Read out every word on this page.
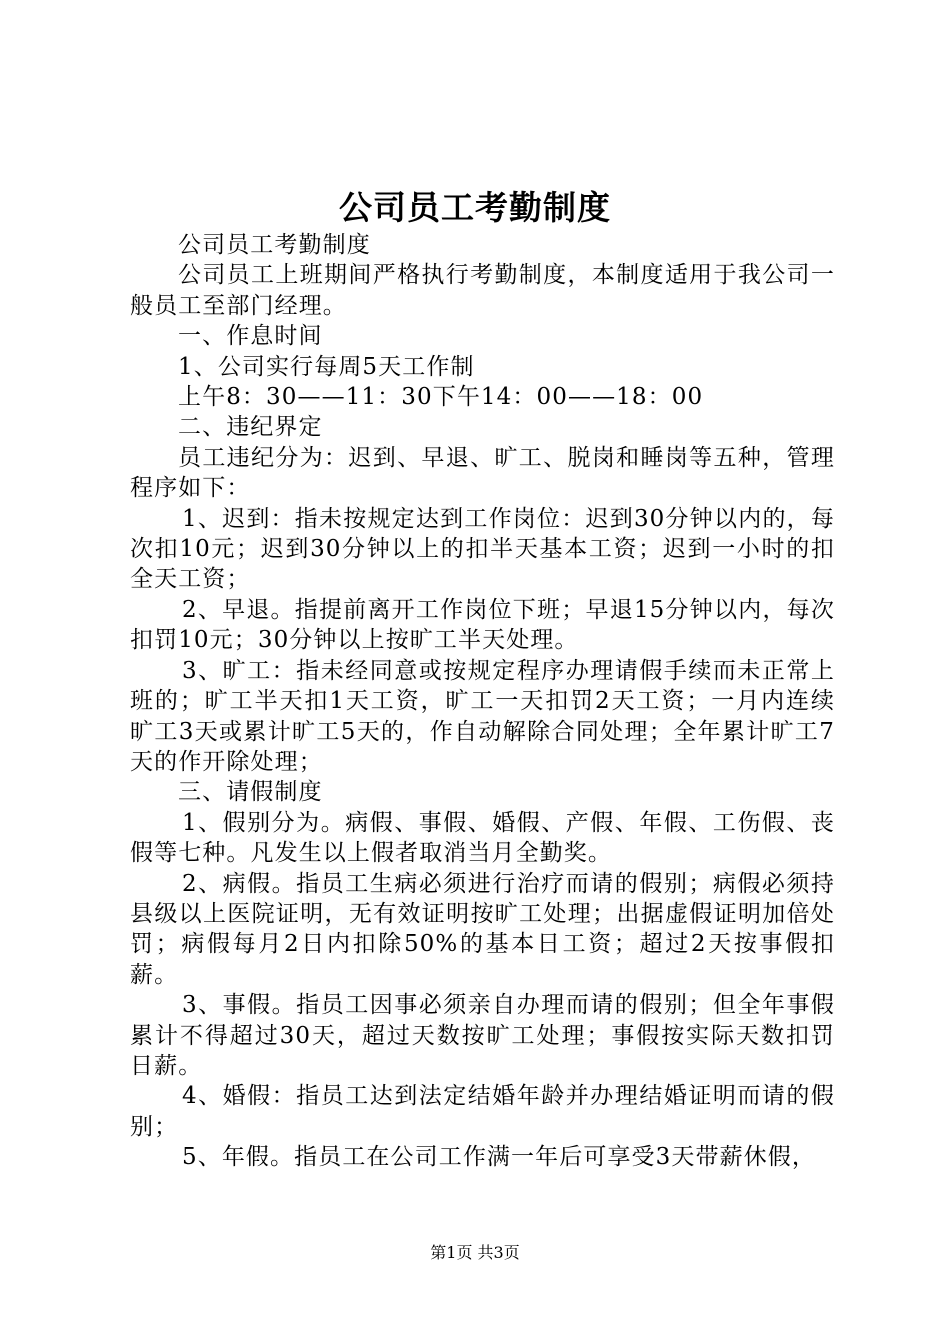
公司员工考勤制度

公司员工考勤制度

公司员工上班期间严格执行考勤制度，本制度适用于我公司一般员工至部门经理。

一、作息时间

1、公司实行每周5天工作制

上午8：30——11：30下午14：00——18：00

二、违纪界定

员工违纪分为：迟到、早退、旷工、脱岗和睡岗等五种，管理程序如下：

1、迟到：指未按规定达到工作岗位：迟到30分钟以内的，每次扣10元；迟到30分钟以上的扣半天基本工资；迟到一小时的扣全天工资；

2、早退。指提前离开工作岗位下班；早退15分钟以内，每次扣罚10元；30分钟以上按旷工半天处理。

3、旷工：指未经同意或按规定程序办理请假手续而未正常上班的；旷工半天扣1天工资，旷工一天扣罚2天工资；一月内连续旷工3天或累计旷工5天的，作自动解除合同处理；全年累计旷工7天的作开除处理；

三、请假制度

1、假别分为。病假、事假、婚假、产假、年假、工伤假、丧假等七种。凡发生以上假者取消当月全勤奖。

2、病假。指员工生病必须进行治疗而请的假别；病假必须持县级以上医院证明，无有效证明按旷工处理；出据虚假证明加倍处罚；病假每月2日内扣除50%的基本日工资；超过2天按事假扣薪。

3、事假。指员工因事必须亲自办理而请的假别；但全年事假累计不得超过30天，超过天数按旷工处理；事假按实际天数扣罚日薪。

4、婚假：指员工达到法定结婚年龄并办理结婚证明而请的假别；

5、年假。指员工在公司工作满一年后可享受3天带薪休假，

第1页 共3页
